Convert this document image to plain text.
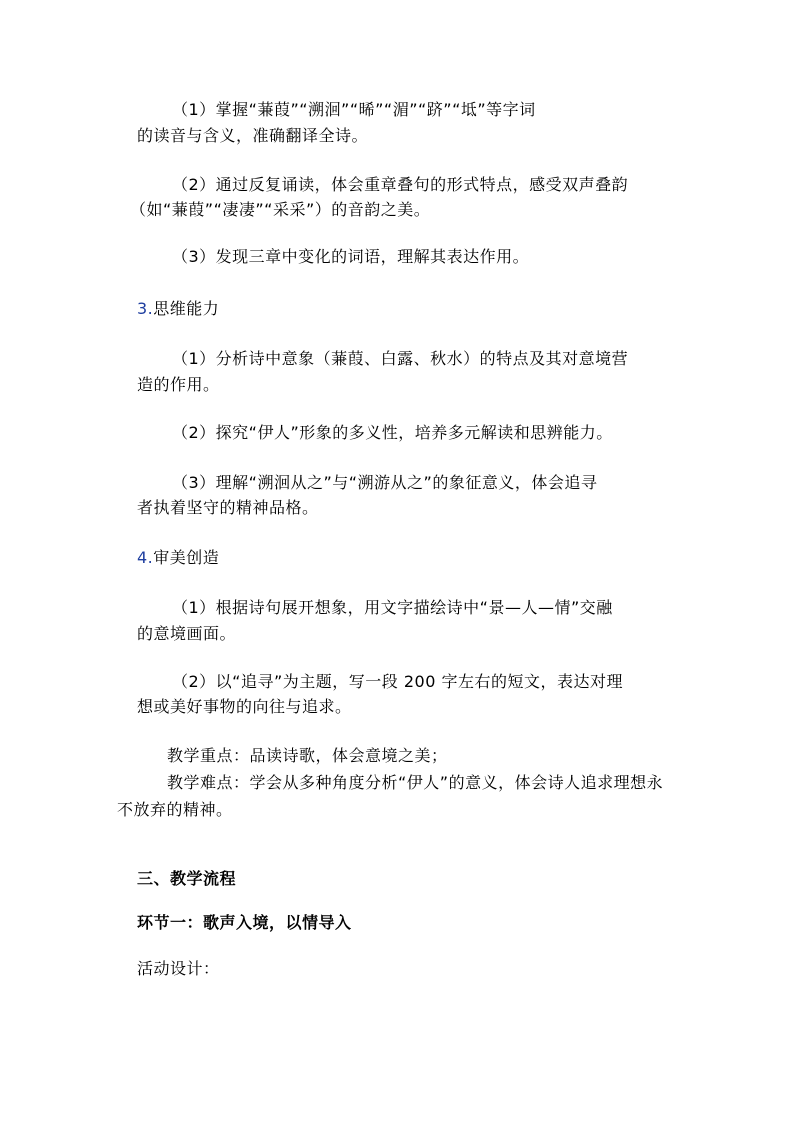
（1）掌握“蒹葭”“溯洄”“晞”“湄”“跻”“坻”等字词
的读音与含义，准确翻译全诗。
（2）通过反复诵读，体会重章叠句的形式特点，感受双声叠韵
（如“蒹葭”“凄凄”“采采”）的音韵之美。
（3）发现三章中变化的词语，理解其表达作用。
3.思维能力
（1）分析诗中意象（蒹葭、白露、秋水）的特点及其对意境营
造的作用。
（2）探究“伊人”形象的多义性，培养多元解读和思辨能力。
（3）理解“溯洄从之”与“溯游从之”的象征意义，体会追寻
者执着坚守的精神品格。
4.审美创造
（1）根据诗句展开想象，用文字描绘诗中“景—人—情”交融
的意境画面。
（2）以“追寻”为主题，写一段 200 字左右的短文，表达对理
想或美好事物的向往与追求。
教学重点：品读诗歌，体会意境之美；
教学难点：学会从多种角度分析“伊人”的意义，体会诗人追求理想永
不放弃的精神。
三、教学流程
环节一：歌声入境，以情导入
活动设计：
